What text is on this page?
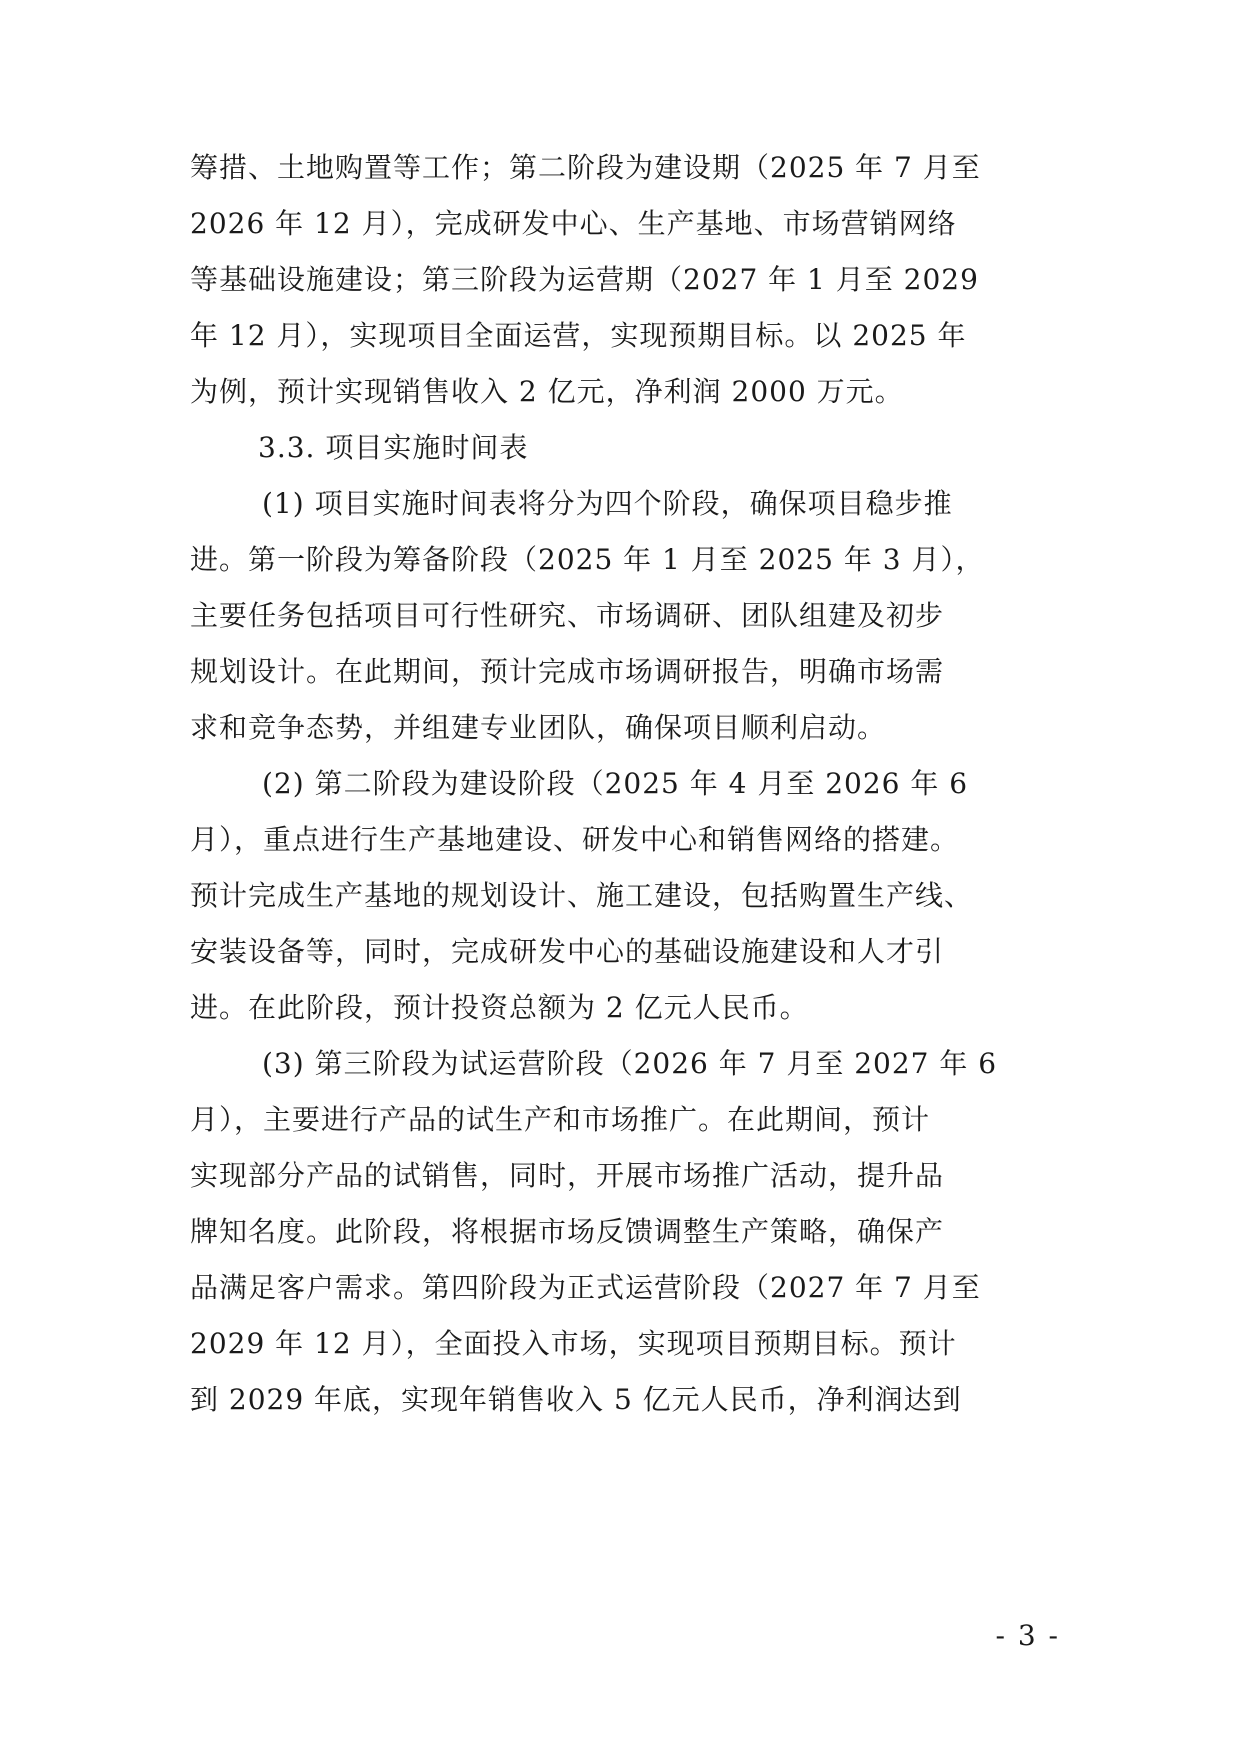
筹措、土地购置等工作；第二阶段为建设期（2025 年 7 月至
2026 年 12 月），完成研发中心、生产基地、市场营销网络
等基础设施建设；第三阶段为运营期（2027 年 1 月至 2029
年 12 月），实现项目全面运营，实现预期目标。以 2025 年
为例，预计实现销售收入 2 亿元，净利润 2000 万元。
3.3. 项目实施时间表
(1) 项目实施时间表将分为四个阶段，确保项目稳步推
进。第一阶段为筹备阶段（2025 年 1 月至 2025 年 3 月），
主要任务包括项目可行性研究、市场调研、团队组建及初步
规划设计。在此期间，预计完成市场调研报告，明确市场需
求和竞争态势，并组建专业团队，确保项目顺利启动。
(2) 第二阶段为建设阶段（2025 年 4 月至 2026 年 6
月），重点进行生产基地建设、研发中心和销售网络的搭建。
预计完成生产基地的规划设计、施工建设，包括购置生产线、
安装设备等，同时，完成研发中心的基础设施建设和人才引
进。在此阶段，预计投资总额为 2 亿元人民币。
(3) 第三阶段为试运营阶段（2026 年 7 月至 2027 年 6
月），主要进行产品的试生产和市场推广。在此期间，预计
实现部分产品的试销售，同时，开展市场推广活动，提升品
牌知名度。此阶段，将根据市场反馈调整生产策略，确保产
品满足客户需求。第四阶段为正式运营阶段（2027 年 7 月至
2029 年 12 月），全面投入市场，实现项目预期目标。预计
到 2029 年底，实现年销售收入 5 亿元人民币，净利润达到
- 3 -
